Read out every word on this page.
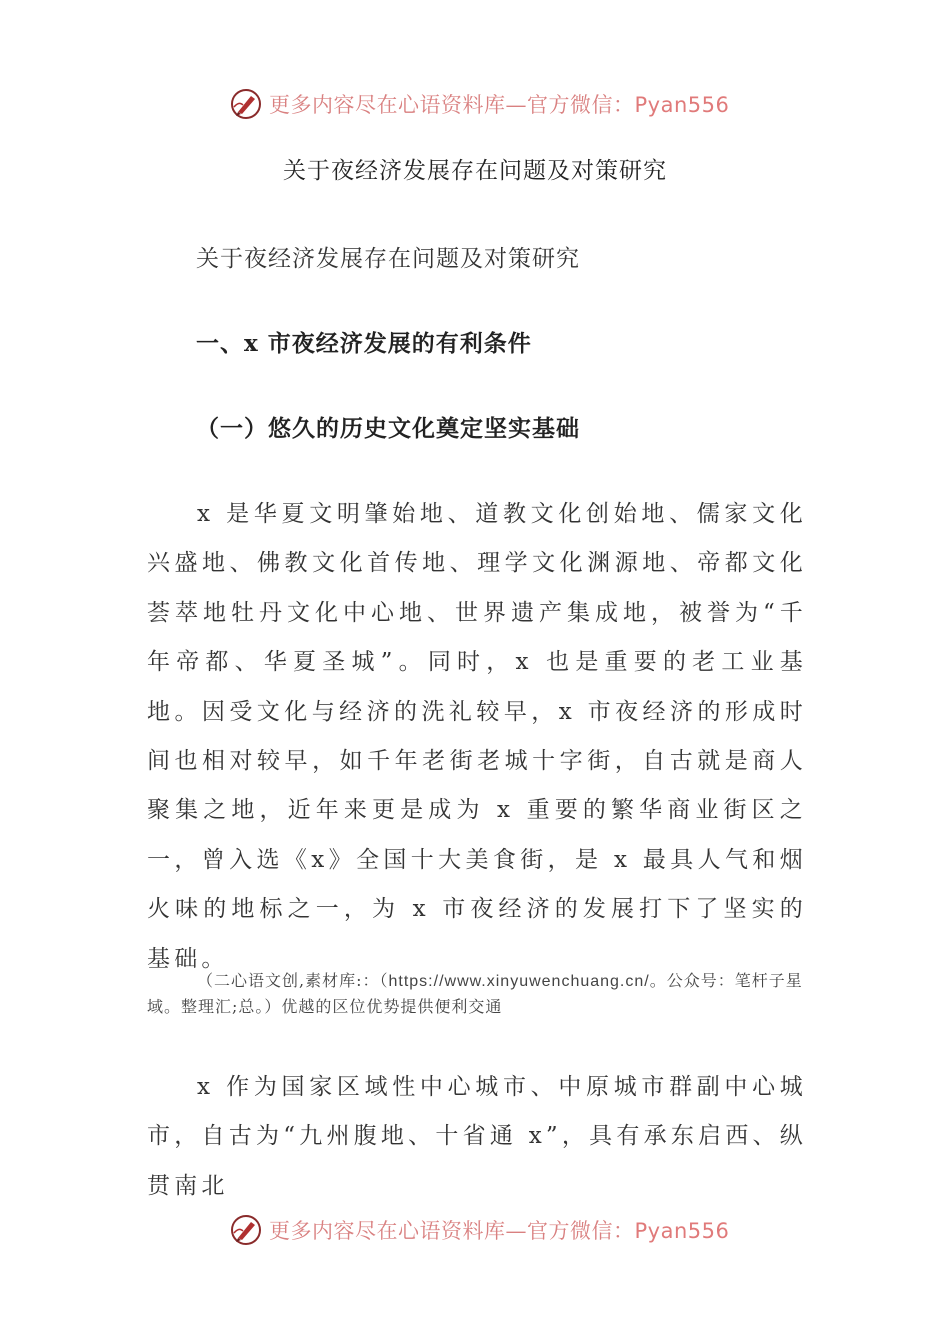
更多内容尽在心语资料库—官方微信：Pyan556
关于夜经济发展存在问题及对策研究
关于夜经济发展存在问题及对策研究
一、x 市夜经济发展的有利条件
（一）悠久的历史文化奠定坚实基础
x 是华夏文明肇始地、道教文化创始地、儒家文化兴盛地、佛教文化首传地、理学文化渊源地、帝都文化荟萃地牡丹文化中心地、世界遗产集成地，被誉为“千年帝都、华夏圣城”。同时，x 也是重要的老工业基地。因受文化与经济的洗礼较早，x 市夜经济的形成时间也相对较早，如千年老街老城十字街，自古就是商人聚集之地，近年来更是成为 x 重要的繁华商业街区之一，曾入选《x》全国十大美食街，是 x 最具人气和烟火味的地标之一，为 x 市夜经济的发展打下了坚实的基础。
（二心语文创,素材库:：（https://www.xinyuwenchuang.cn/。公众号：笔杆子星域。整理汇;总。）优越的区位优势提供便利交通
x 作为国家区域性中心城市、中原城市群副中心城市，自古为“九州腹地、十省通 x”，具有承东启西、纵贯南北
更多内容尽在心语资料库—官方微信：Pyan556
